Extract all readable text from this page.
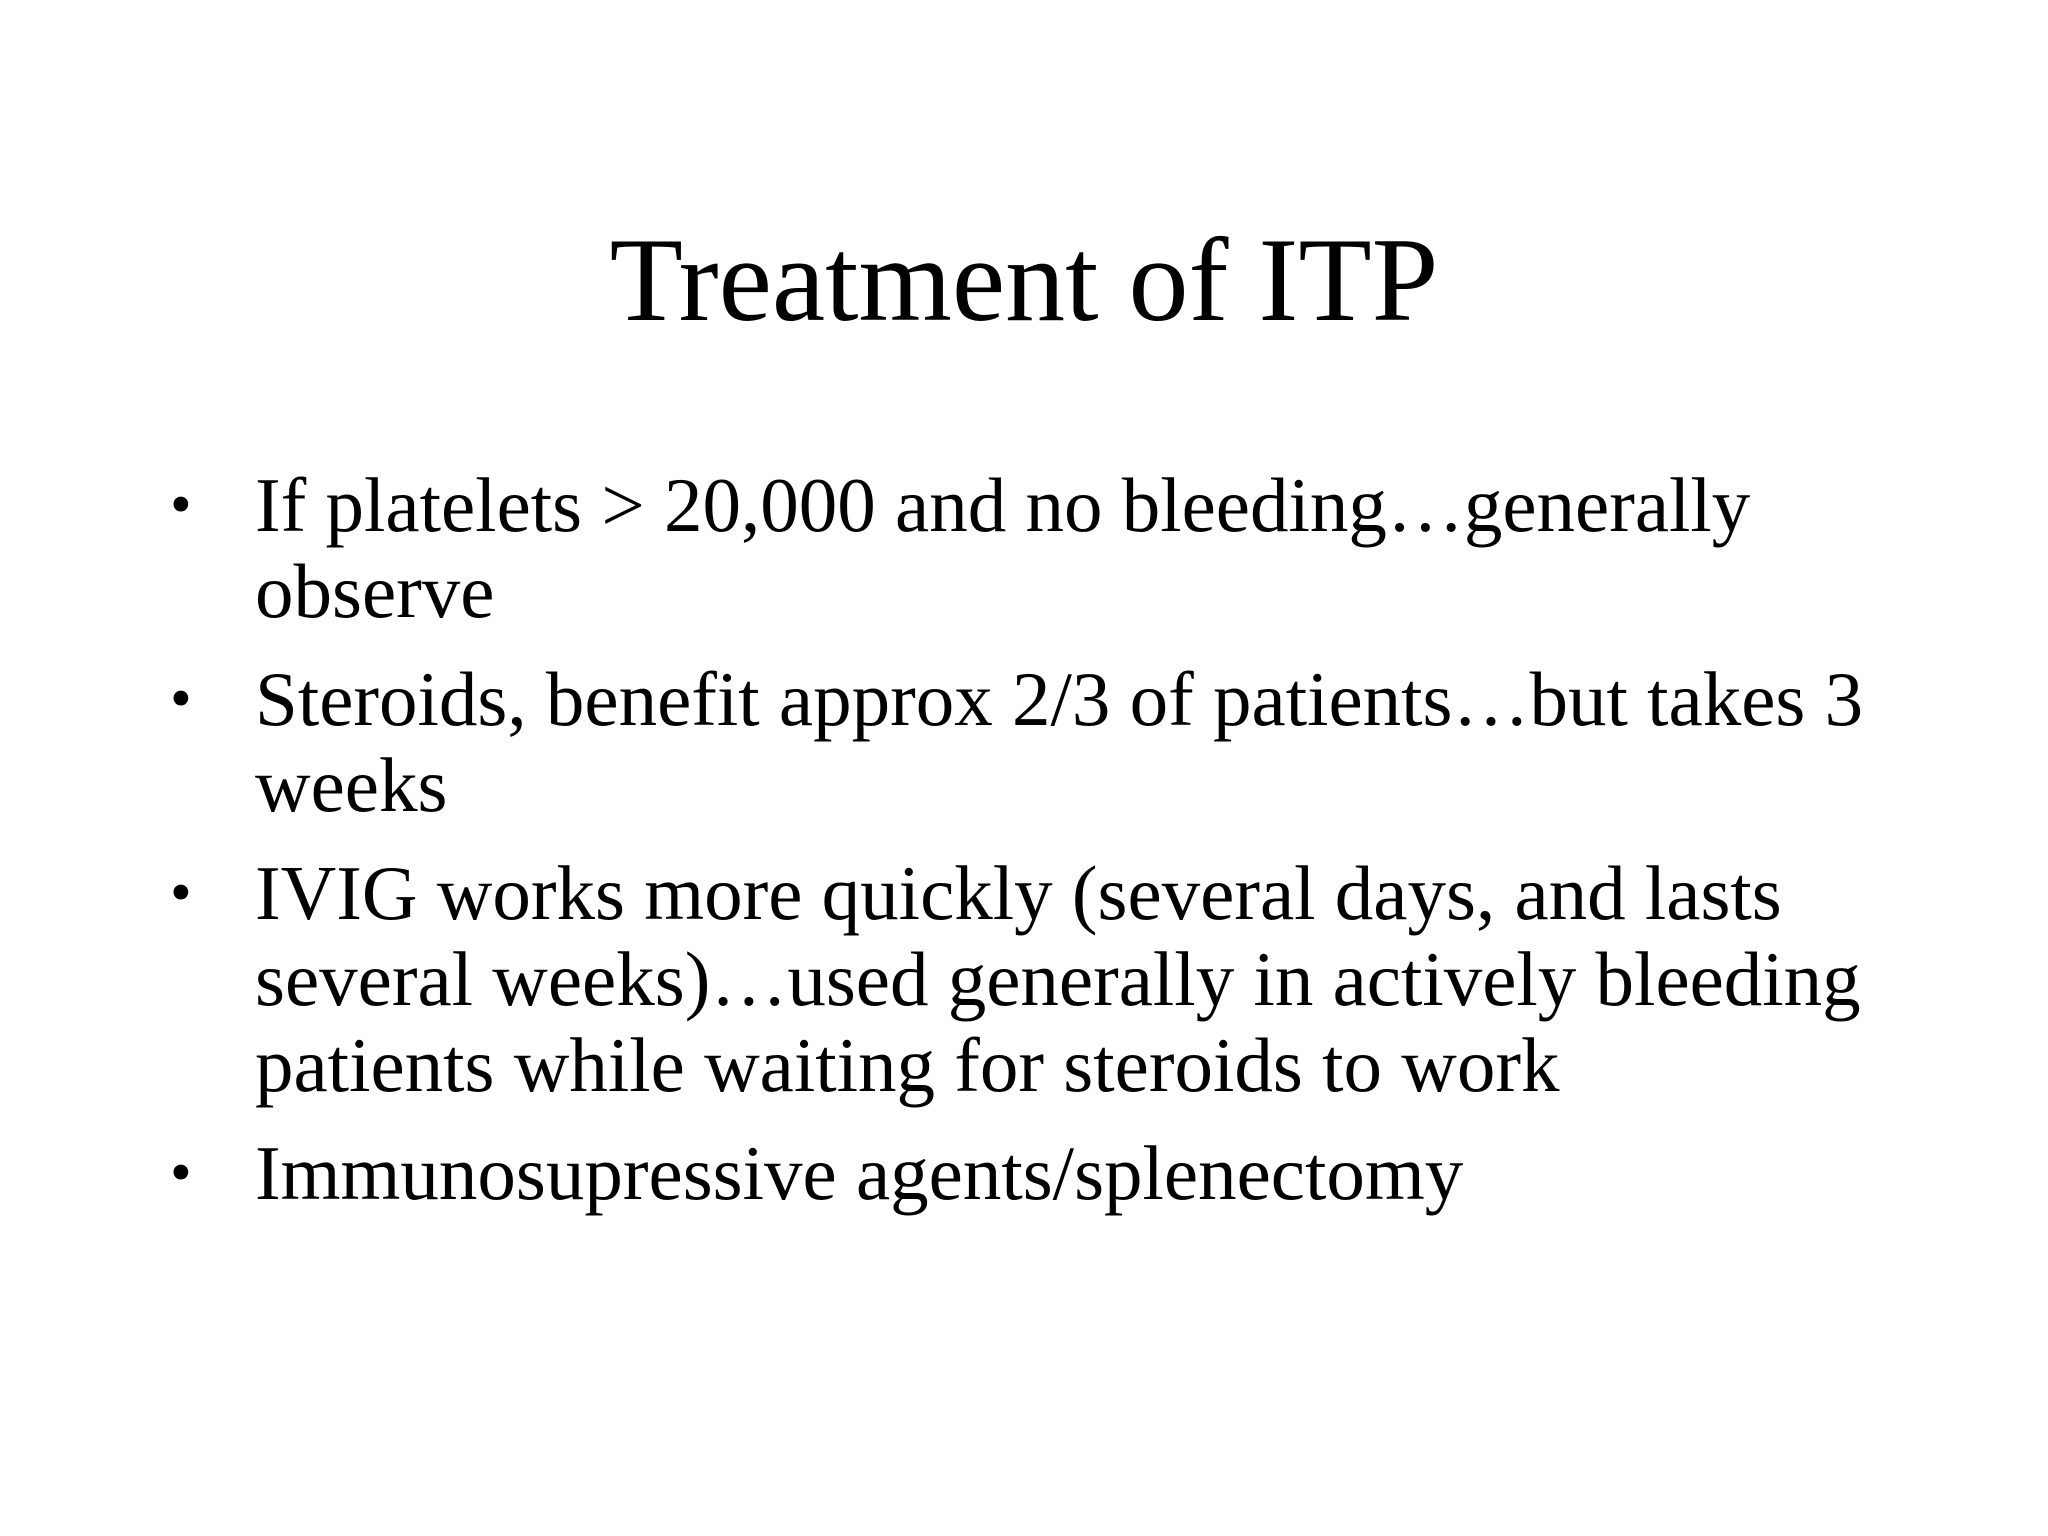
Treatment of ITP
• If platelets > 20,000 and no bleeding…generally observe
• Steroids, benefit approx 2/3 of patients…but takes 3 weeks
• IVIG works more quickly (several days, and lasts several weeks)…used generally in actively bleeding patients while waiting for steroids to work
• Immunosupressive agents/splenectomy
